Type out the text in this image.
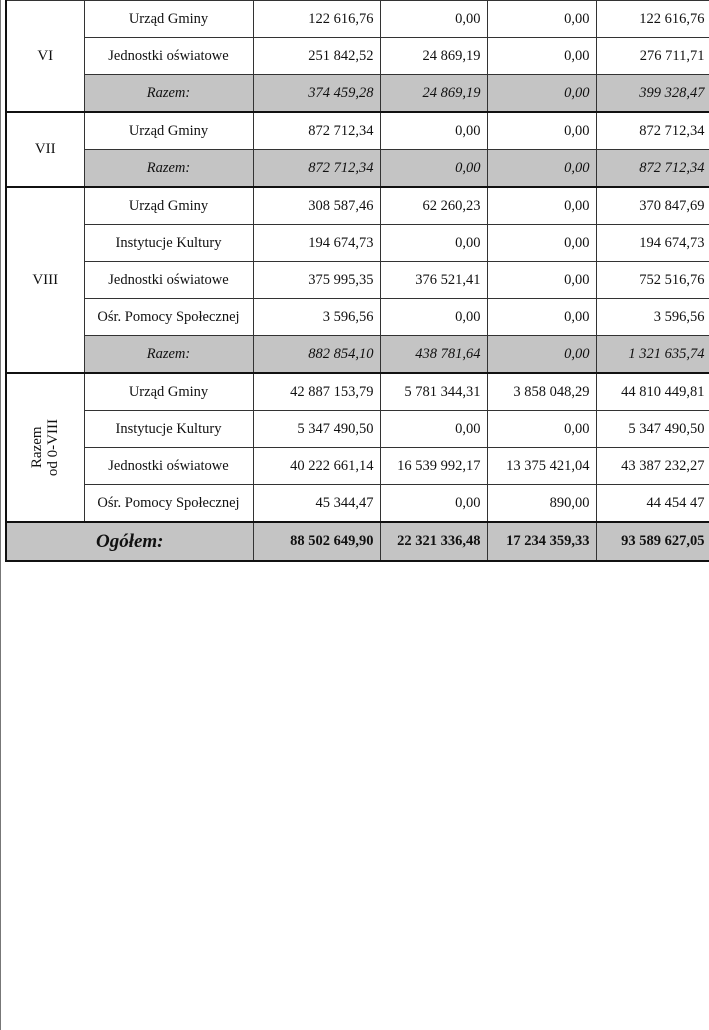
VI	Urząd Gminy	122 616,76	0,00	0,00	122 616,76
	Jednostki oświatowe	251 842,52	24 869,19	0,00	276 711,71
	Razem:	374 459,28	24 869,19	0,00	399 328,47
VII	Urząd Gminy	872 712,34	0,00	0,00	872 712,34
	Razem:	872 712,34	0,00	0,00	872 712,34
VIII	Urząd Gminy	308 587,46	62 260,23	0,00	370 847,69
	Instytucje Kultury	194 674,73	0,00	0,00	194 674,73
	Jednostki oświatowe	375 995,35	376 521,41	0,00	752 516,76
	Ośr. Pomocy Społecznej	3 596,56	0,00	0,00	3 596,56
	Razem:	882 854,10	438 781,64	0,00	1 321 635,74

Razem od 0-VIII	Urząd Gminy	42 887 153,79	5 781 344,31	3 858 048,29	44 810 449,81
	Instytucje Kultury	5 347 490,50	0,00	0,00	5 347 490,50
	Jednostki oświatowe	40 222 661,14	16 539 992,17	13 375 421,04	43 387 232,27
	Ośr. Pomocy Społecznej	45 344,47	0,00	890,00	44 454 47
Ogółem:		88 502 649,90	22 321 336,48	17 234 359,33	93 589 627,05
